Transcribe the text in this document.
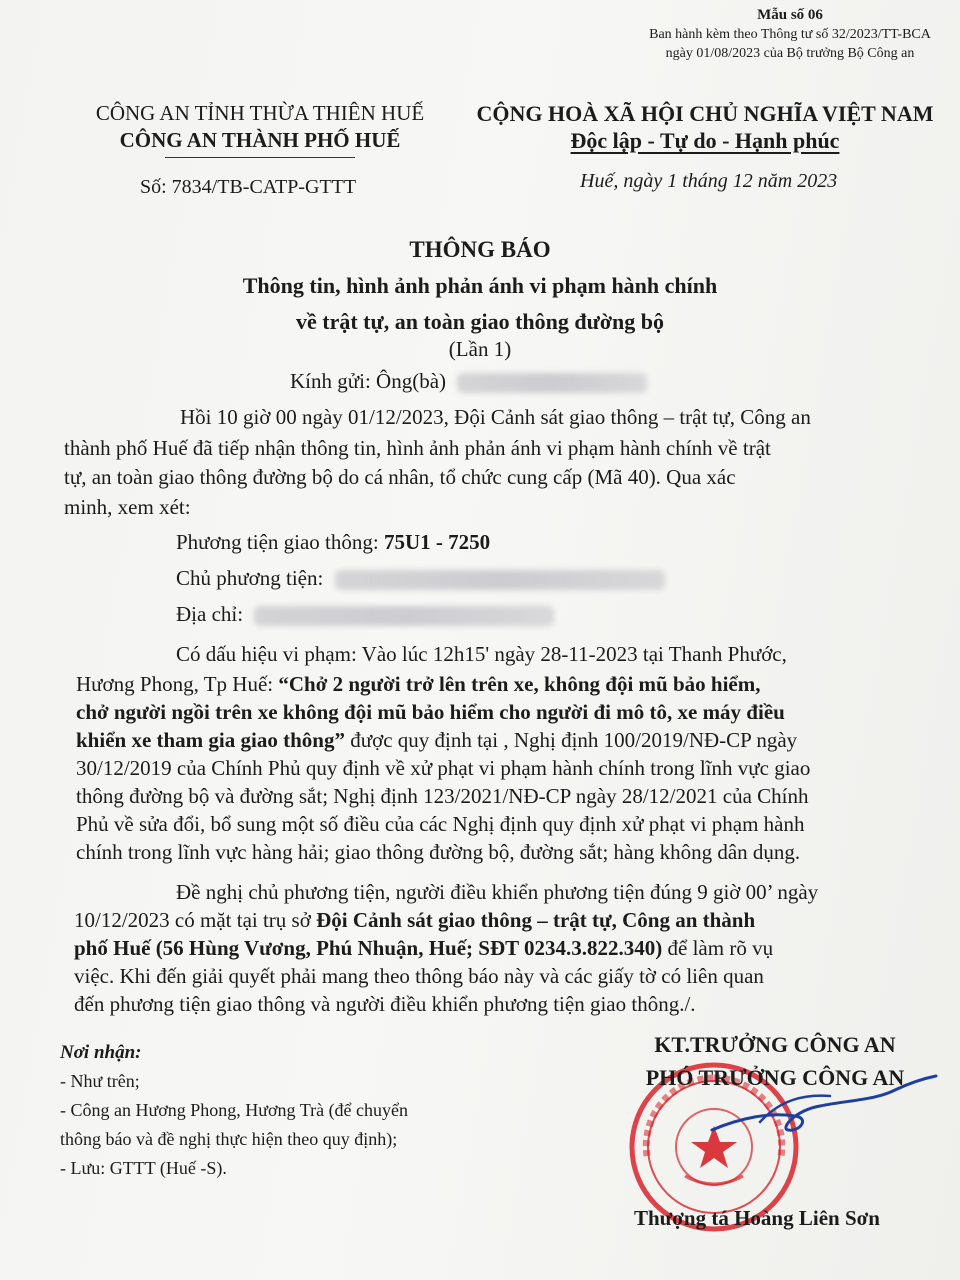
Mẫu số 06
Ban hành kèm theo Thông tư số 32/2023/TT-BCA
ngày 01/08/2023 của Bộ trưởng Bộ Công an
CÔNG AN TỈNH THỪA THIÊN HUẾ
CÔNG AN THÀNH PHỐ HUẾ
CỘNG HOÀ XÃ HỘI CHỦ NGHĨA VIỆT NAM
Độc lập - Tự do - Hạnh phúc
Số: 7834/TB-CATP-GTTT	Huế, ngày 1 tháng 12 năm 2023
THÔNG BÁO
Thông tin, hình ảnh phản ánh vi phạm hành chính
về trật tự, an toàn giao thông đường bộ
(Lần 1)
Kính gửi: Ông(bà)
Hồi 10 giờ 00 ngày 01/12/2023, Đội Cảnh sát giao thông – trật tự, Công an
thành phố Huế đã tiếp nhận thông tin, hình ảnh phản ánh vi phạm hành chính về trật
tự, an toàn giao thông đường bộ do cá nhân, tổ chức cung cấp (Mã 40). Qua xác
minh, xem xét:
Phương tiện giao thông: 75U1 - 7250
Chủ phương tiện:
Địa chỉ:
Có dấu hiệu vi phạm: Vào lúc 12h15' ngày 28-11-2023 tại Thanh Phước,
Hương Phong, Tp Huế: “Chở 2 người trở lên trên xe, không đội mũ bảo hiểm,
chở người ngồi trên xe không đội mũ bảo hiểm cho người đi mô tô, xe máy điều
khiển xe tham gia giao thông” được quy định tại , Nghị định 100/2019/NĐ-CP ngày
30/12/2019 của Chính Phủ quy định về xử phạt vi phạm hành chính trong lĩnh vực giao
thông đường bộ và đường sắt; Nghị định 123/2021/NĐ-CP ngày 28/12/2021 của Chính
Phủ về sửa đổi, bổ sung một số điều của các Nghị định quy định xử phạt vi phạm hành
chính trong lĩnh vực hàng hải; giao thông đường bộ, đường sắt; hàng không dân dụng.
Đề nghị chủ phương tiện, người điều khiển phương tiện đúng 9 giờ 00’ ngày
10/12/2023 có mặt tại trụ sở Đội Cảnh sát giao thông – trật tự, Công an thành
phố Huế (56 Hùng Vương, Phú Nhuận, Huế; SĐT 0234.3.822.340) để làm rõ vụ
việc. Khi đến giải quyết phải mang theo thông báo này và các giấy tờ có liên quan
đến phương tiện giao thông và người điều khiển phương tiện giao thông./.
Nơi nhận:
- Như trên;
- Công an Hương Phong, Hương Trà (để chuyển
thông báo và đề nghị thực hiện theo quy định);
- Lưu: GTTT (Huế -S).
KT.TRƯỞNG CÔNG AN
PHÓ TRƯỞNG CÔNG AN
Thượng tá Hoàng Liên Sơn
